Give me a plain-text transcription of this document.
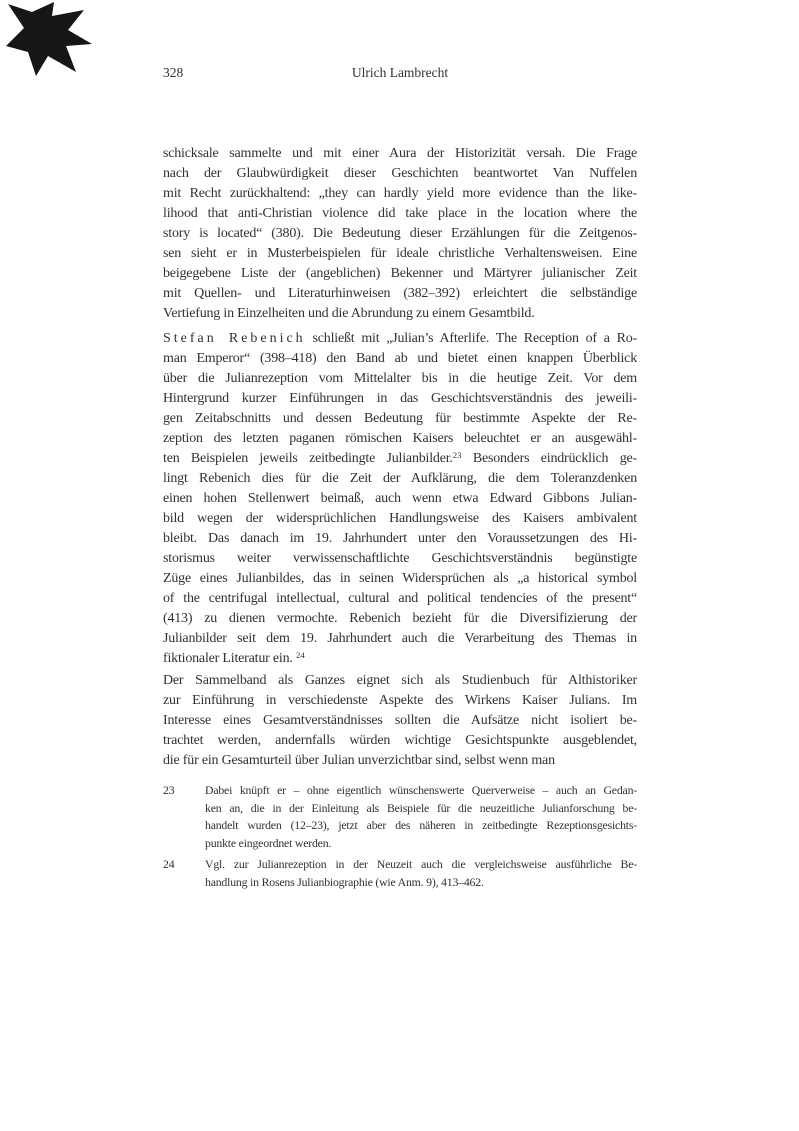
328	Ulrich Lambrecht
schicksale sammelte und mit einer Aura der Historizität versah. Die Frage
nach der Glaubwürdigkeit dieser Geschichten beantwortet Van Nuffelen
mit Recht zurückhaltend: „they can hardly yield more evidence than the like-
lihood that anti-Christian violence did take place in the location where the
story is located“ (380). Die Bedeutung dieser Erzählungen für die Zeitgenos-
sen sieht er in Musterbeispielen für ideale christliche Verhaltensweisen. Eine
beigegebene Liste der (angeblichen) Bekenner und Märtyrer julianischer Zeit
mit Quellen- und Literaturhinweisen (382–392) erleichtert die selbständige
Vertiefung in Einzelheiten und die Abrundung zu einem Gesamtbild.
Stefan Rebenich schließt mit „Julian’s Afterlife. The Reception of a Ro-
man Emperor“ (398–418) den Band ab und bietet einen knappen Überblick
über die Julianrezeption vom Mittelalter bis in die heutige Zeit. Vor dem
Hintergrund kurzer Einführungen in das Geschichtsverständnis des jeweili-
gen Zeitabschnitts und dessen Bedeutung für bestimmte Aspekte der Re-
zeption des letzten paganen römischen Kaisers beleuchtet er an ausgewähl-
ten Beispielen jeweils zeitbedingte Julianbilder.$^{23}$ Besonders eindrücklich ge-
lingt Rebenich dies für die Zeit der Aufklärung, die dem Toleranzdenken
einen hohen Stellenwert beimaß, auch wenn etwa Edward Gibbons Julian-
bild wegen der widersprüchlichen Handlungsweise des Kaisers ambivalent
bleibt. Das danach im 19. Jahrhundert unter den Voraussetzungen des Hi-
storismus weiter verwissenschaftlichte Geschichtsverständnis begünstigte
Züge eines Julianbildes, das in seinen Widersprüchen als „a historical symbol
of the centrifugal intellectual, cultural and political tendencies of the present“
(413) zu dienen vermochte. Rebenich bezieht für die Diversifizierung der
Julianbilder seit dem 19. Jahrhundert auch die Verarbeitung des Themas in
fiktionaler Literatur ein. $^{24}$
Der Sammelband als Ganzes eignet sich als Studienbuch für Althistoriker
zur Einführung in verschiedenste Aspekte des Wirkens Kaiser Julians. Im
Interesse eines Gesamtverständnisses sollten die Aufsätze nicht isoliert be-
trachtet werden, andernfalls würden wichtige Gesichtspunkte ausgeblendet,
die für ein Gesamturteil über Julian unverzichtbar sind, selbst wenn man
23	Dabei knüpft er – ohne eigentlich wünschenswerte Querverweise – auch an Gedan-
ken an, die in der Einleitung als Beispiele für die neuzeitliche Julianforschung be-
handelt wurden (12–23), jetzt aber des näheren in zeitbedingte Rezeptionsgesichts-
punkte eingeordnet werden.
24	Vgl. zur Julianrezeption in der Neuzeit auch die vergleichsweise ausführliche Be-
handlung in Rosens Julianbiographie (wie Anm. 9), 413–462.
